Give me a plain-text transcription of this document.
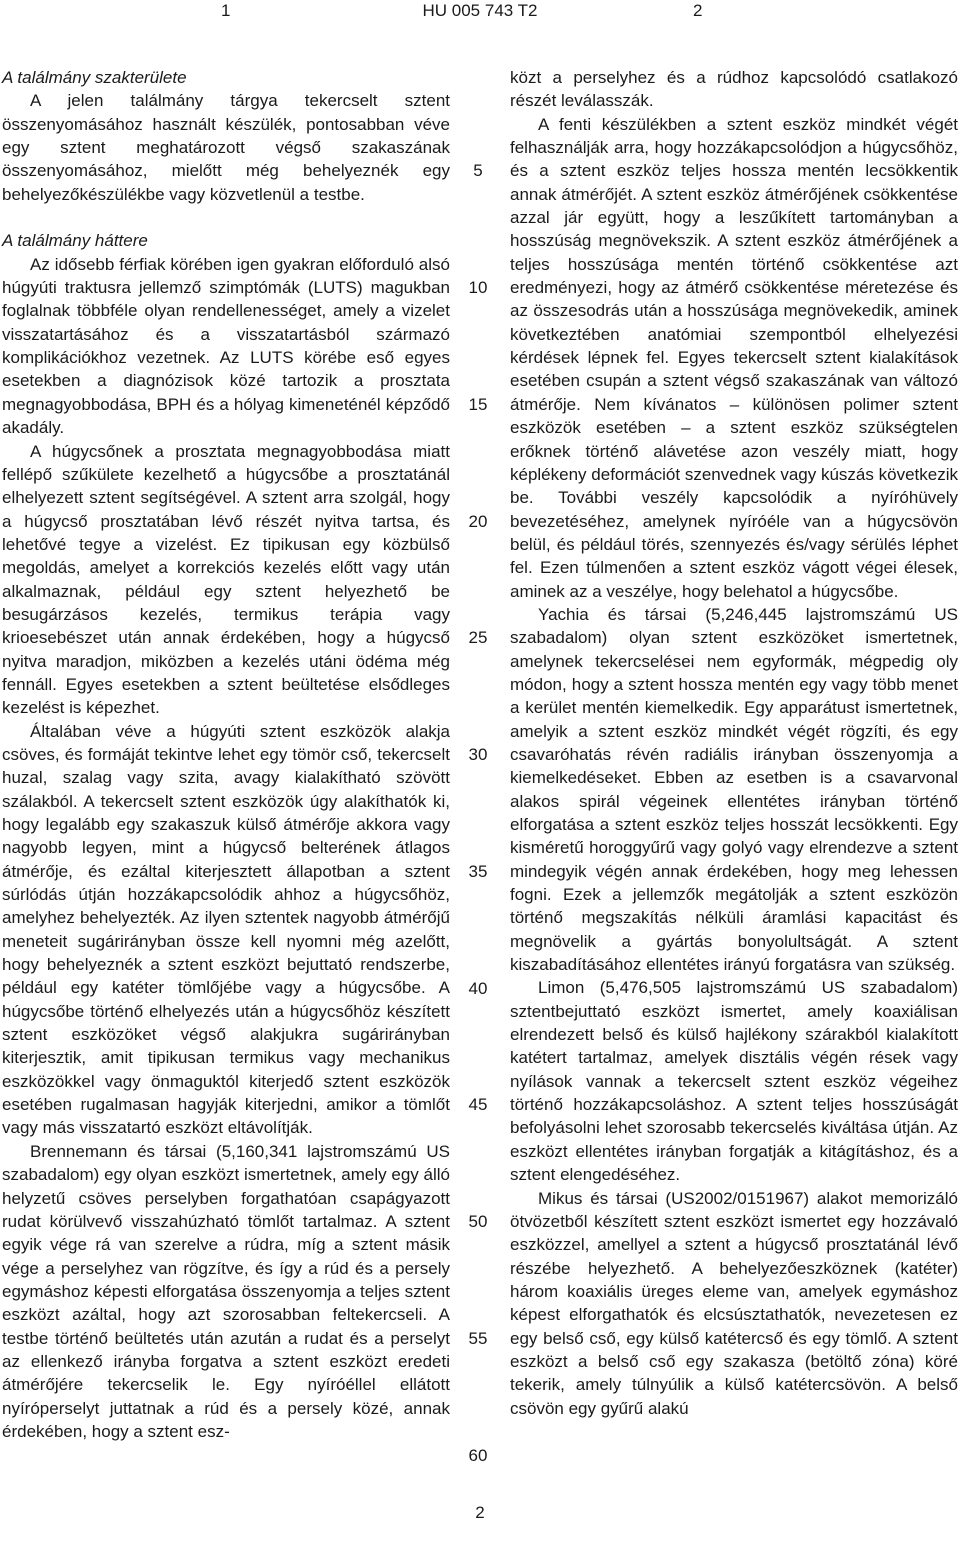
1	HU 005 743 T2	2

A találmány szakterülete

A jelen találmány tárgya tekercselt sztent összenyomásához használt készülék, pontosabban véve egy sztent meghatározott végső szakaszának összenyomásához, mielőtt még behelyeznék egy behelyezőkészülékbe vagy közvetlenül a testbe.

A találmány háttere

Az idősebb férfiak körében igen gyakran előforduló alsó húgyúti traktusra jellemző szimptómák (LUTS) magukban foglalnak többféle olyan rendellenességet, amely a vizelet visszatartásához és a visszatartásból származó komplikációkhoz vezetnek. Az LUTS körébe eső egyes esetekben a diagnózisok közé tartozik a prosztata megnagyobbodása, BPH és a hólyag kimeneténél képződő akadály.

A húgycsőnek a prosztata megnagyobbodása miatt fellépő szűkülete kezelhető a húgycsőbe a prosztatánál elhelyezett sztent segítségével. A sztent arra szolgál, hogy a húgycső prosztatában lévő részét nyitva tartsa, és lehetővé tegye a vizelést. Ez tipikusan egy közbülső megoldás, amelyet a korrekciós kezelés előtt vagy után alkalmaznak, például egy sztent helyezhető be besugárzásos kezelés, termikus terápia vagy krioesebészet után annak érdekében, hogy a húgycső nyitva maradjon, miközben a kezelés utáni ödéma még fennáll. Egyes esetekben a sztent beültetése elsődleges kezelést is képezhet.

Általában véve a húgyúti sztent eszközök alakja csöves, és formáját tekintve lehet egy tömör cső, tekercselt huzal, szalag vagy szita, avagy kialakítható szövött szálakból. A tekercselt sztent eszközök úgy alakíthatók ki, hogy legalább egy szakaszuk külső átmérője akkora vagy nagyobb legyen, mint a húgycső belterének átlagos átmérője, és ezáltal kiterjesztett állapotban a sztent súrlódás útján hozzákapcsolódik ahhoz a húgycsőhöz, amelyhez behelyezték. Az ilyen sztentek nagyobb átmérőjű meneteit sugárirányban össze kell nyomni még azelőtt, hogy behelyeznék a sztent eszközt bejuttató rendszerbe, például egy katéter tömlőjébe vagy a húgycsőbe. A húgycsőbe történő elhelyezés után a húgycsőhöz készített sztent eszközöket végső alakjukra sugárirányban kiterjesztik, amit tipikusan termikus vagy mechanikus eszközökkel vagy önmaguktól kiterjedő sztent eszközök esetében rugalmasan hagyják kiterjedni, amikor a tömlőt vagy más visszatartó eszközt eltávolítják.

Brennemann és társai (5,160,341 lajstromszámú US szabadalom) egy olyan eszközt ismertetnek, amely egy álló helyzetű csöves perselyben forgathatóan csapágyazott rudat körülvevő visszahúzható tömlőt tartalmaz. A sztent egyik vége rá van szerelve a rúdra, míg a sztent másik vége a perselyhez van rögzítve, és így a rúd és a persely egymáshoz képesti elforgatása összenyomja a teljes sztent eszközt azáltal, hogy azt szorosabban feltekercseli. A testbe történő beültetés után azután a rudat és a perselyt az ellenkező irányba forgatva a sztent eszközt eredeti átmérőjére tekercselik le. Egy nyíróéllel ellátott nyíróperselyt juttatnak a rúd és a persely közé, annak érdekében, hogy a sztent esz-

5
10
15
20
25
30
35
40
45
50
55
60

közt a perselyhez és a rúdhoz kapcsolódó csatlakozó részét leválasszák.

A fenti készülékben a sztent eszköz mindkét végét felhasználják arra, hogy hozzákapcsolódjon a húgycsőhöz, és a sztent eszköz teljes hossza mentén lecsökkentik annak átmérőjét. A sztent eszköz átmérőjének csökkentése azzal jár együtt, hogy a leszűkített tartományban a hosszúság megnövekszik. A sztent eszköz átmérőjének a teljes hosszúsága mentén történő csökkentése azt eredményezi, hogy az átmérő csökkentése méretezése és az összesodrás után a hosszúsága megnövekedik, aminek következtében anatómiai szempontból elhelyezési kérdések lépnek fel. Egyes tekercselt sztent kialakítások esetében csupán a sztent végső szakaszának van változó átmérője. Nem kívánatos – különösen polimer sztent eszközök esetében – a sztent eszköz szükségtelen erőknek történő alávetése azon veszély miatt, hogy képlékeny deformációt szenvednek vagy kúszás következik be. További veszély kapcsolódik a nyíróhüvely bevezetéséhez, amelynek nyíróéle van a húgycsövön belül, és például törés, szennyezés és/vagy sérülés léphet fel. Ezen túlmenően a sztent eszköz vágott végei élesek, aminek az a veszélye, hogy belehatol a húgycsőbe.

Yachia és társai (5,246,445 lajstromszámú US szabadalom) olyan sztent eszközöket ismertetnek, amelynek tekercselései nem egyformák, mégpedig oly módon, hogy a sztent hossza mentén egy vagy több menet a kerület mentén kiemelkedik. Egy apparátust ismertetnek, amelyik a sztent eszköz mindkét végét rögzíti, és egy csavaróhatás révén radiális irányban összenyomja a kiemelkedéseket. Ebben az esetben is a csavarvonal alakos spirál végeinek ellentétes irányban történő elforgatása a sztent eszköz teljes hosszát lecsökkenti. Egy kisméretű horoggyűrű vagy golyó vagy elrendezve a sztent mindegyik végén annak érdekében, hogy meg lehessen fogni. Ezek a jellemzők megátolják a sztent eszközön történő megszakítás nélküli áramlási kapacitást és megnövelik a gyártás bonyolultságát. A sztent kiszabadításához ellentétes irányú forgatásra van szükség.

Limon (5,476,505 lajstromszámú US szabadalom) sztentbejuttató eszközt ismertet, amely koaxiálisan elrendezett belső és külső hajlékony szárakból kialakított katétert tartalmaz, amelyek disztális végén rések vagy nyílások vannak a tekercselt sztent eszköz végeihez történő hozzákapcsoláshoz. A sztent teljes hosszúságát befolyásolni lehet szorosabb tekercselés kiváltása útján. Az eszközt ellentétes irányban forgatják a kitágításhoz, és a sztent elengedéséhez.

Mikus és társai (US2002/0151967) alakot memorizáló ötvözetből készített sztent eszközt ismertet egy hozzávaló eszközzel, amellyel a sztent a húgycső prosztatánál lévő részébe helyezhető. A behelyezőeszköznek (katéter) három koaxiális üreges eleme van, amelyek egymáshoz képest elforgathatók és elcsúsztathatók, nevezetesen ez egy belső cső, egy külső katétercső és egy tömlő. A sztent eszközt a belső cső egy szakasza (betöltő zóna) köré tekerik, amely túlnyúlik a külső katétercsövön. A belső csövön egy gyűrű alakú

2
